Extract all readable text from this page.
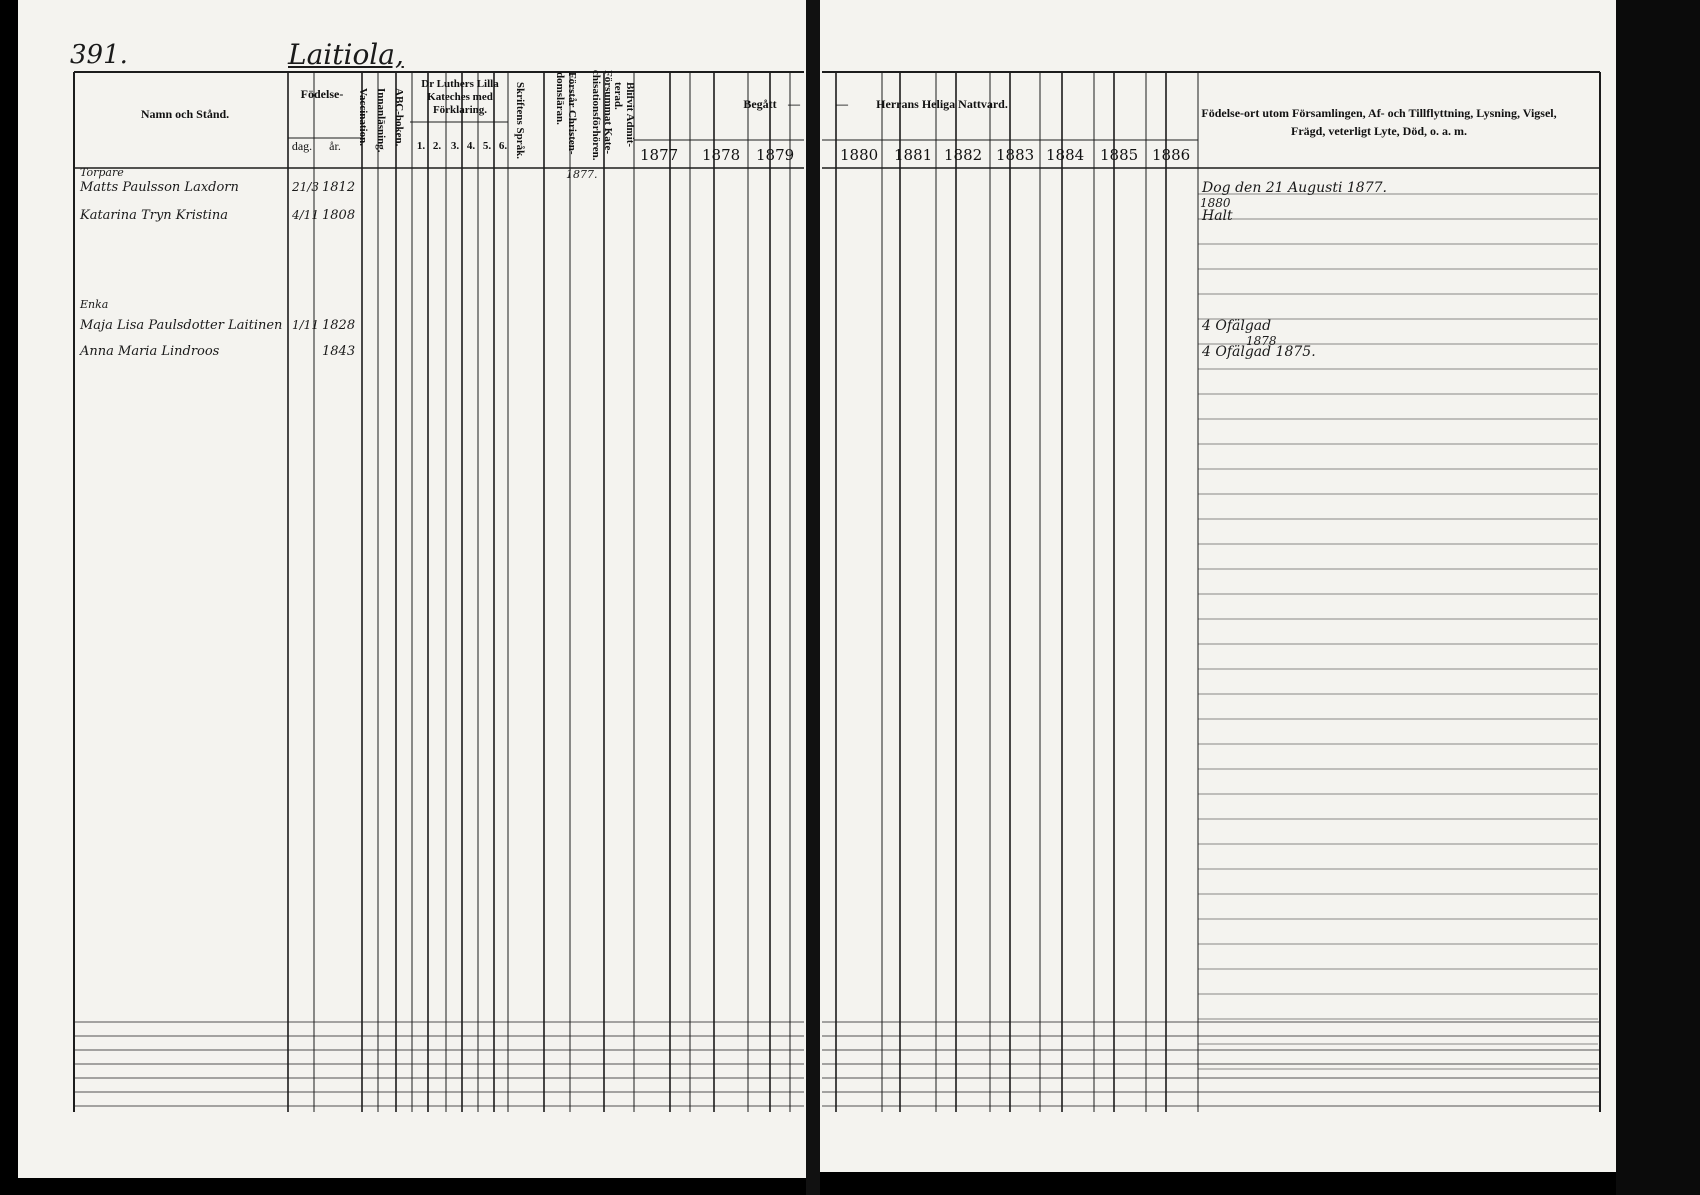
391.	Laitiola,
Namn och Stånd.
Födelse-
dag.	år.
Vaccination. Innanläsning. ABC-boken.
Dr Luthers Lilla Kateches med Förklaring.
1. 2. 3. 4. 5. 6. Skriftens Språk.	Förstår Christen-domsläran.	Försummat Kate-chisationsförhören.	Blifvit Admit-terad.	Begått —	—	Herrans Heliga Nattvard.
1877 1878 1879	1880 1881 1882 1883 1884 1885 1886
Födelse-ort utom Församlingen, Af- och Tillflyttning, Lysning, Vigsel, Frägd, veterligt Lyte, Död, o. a. m.
Matts Paulsson Laxdorn	21/3 1812	Dog den 21 Augusti 1877.
Katarina Tryn Kristina	4/11 1808	Halt
Maja Lisa Paulsdotter Laitinen 1/11 1828	4 Ofälgad
Anna Maria Lindroos	1843	4 Ofälgad 1875.
1877.
Torpare
Enka
1880
1878
